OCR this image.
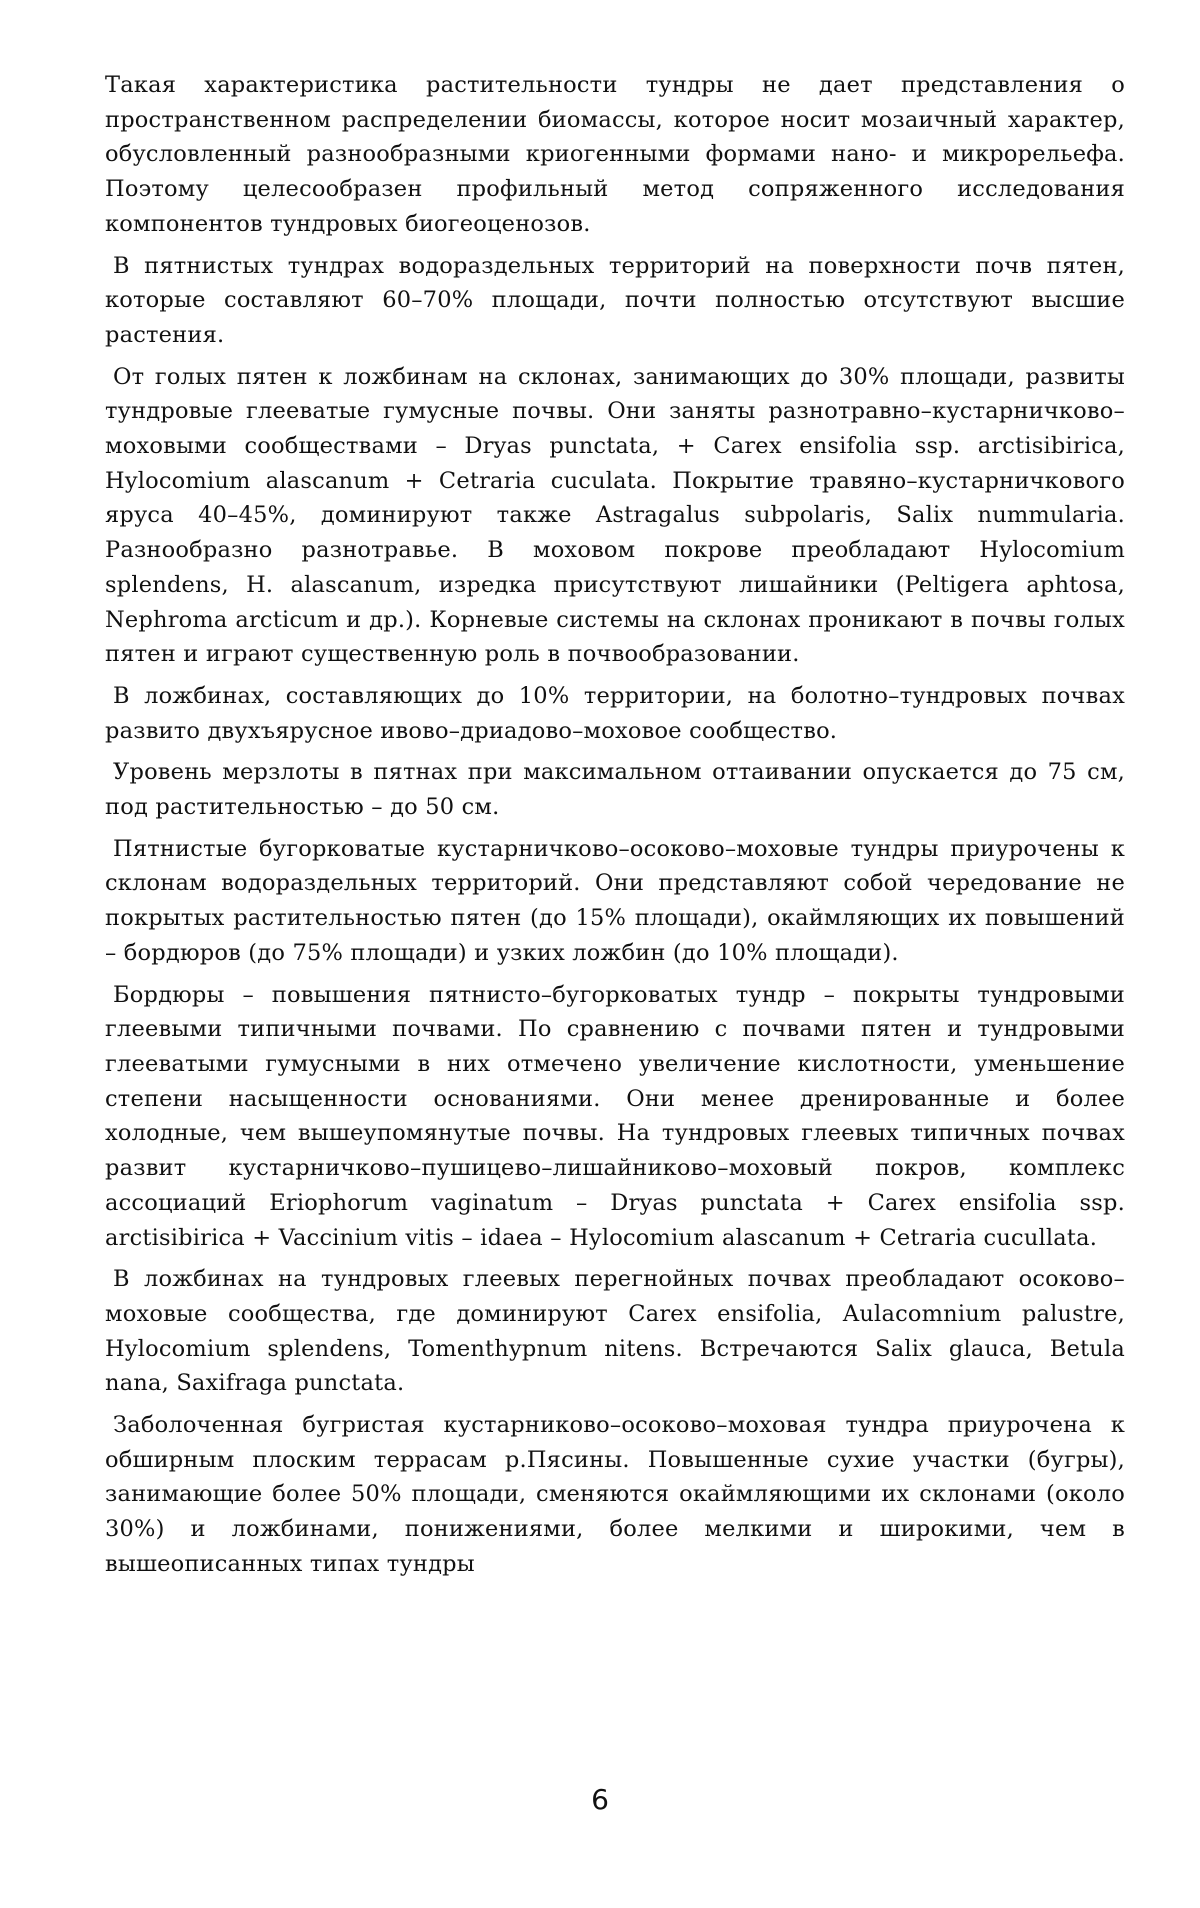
Такая характеристика растительности тундры не дает представления о пространственном распределении биомассы, которое носит мозаичный характер, обусловленный разнообразными криогенными формами нано- и микрорельефа. Поэтому целесообразен профильный метод сопряженного исследования компонентов тундровых биогеоценозов.

В пятнистых тундрах водораздельных территорий на поверхности почв пятен, которые составляют 60–70% площади, почти полностью отсутствуют высшие растения.

От голых пятен к ложбинам на склонах, занимающих до 30% площади, развиты тундровые глееватые гумусные почвы. Они заняты разнотравно–кустарничково–моховыми сообществами – Dryas punctata, + Carex ensifolia ssp. arctisibirica, Hylocomium alascanum + Cetraria cuculata. Покрытие травяно–кустарничкового яруса 40–45%, доминируют также Astragalus subpolaris, Salix nummularia. Разнообразно разнотравье. В моховом покрове преобладают Hylocomium splendens, H. alascanum, изредка присутствуют лишайники (Peltigera aphtosa, Nephroma arcticum и др.). Корневые системы на склонах проникают в почвы голых пятен и играют существенную роль в почвообразовании.

В ложбинах, составляющих до 10% территории, на болотно–тундровых почвах развито двухъярусное ивово–дриадово–моховое сообщество.

Уровень мерзлоты в пятнах при максимальном оттаивании опускается до 75 см, под растительностью – до 50 см.

Пятнистые бугорковатые кустарничково–осоково–моховые тундры приурочены к склонам водораздельных территорий. Они представляют собой чередование не покрытых растительностью пятен (до 15% площади), окаймляющих их повышений – бордюров (до 75% площади) и узких ложбин (до 10% площади).

Бордюры – повышения пятнисто–бугорковатых тундр – покрыты тундровыми глеевыми типичными почвами. По сравнению с почвами пятен и тундровыми глееватыми гумусными в них отмечено увеличение кислотности, уменьшение степени насыщенности основаниями. Они менее дренированные и более холодные, чем вышеупомянутые почвы. На тундровых глеевых типичных почвах развит кустарничково–пушицево–лишайниково–моховый покров, комплекс ассоциаций Eriophorum vaginatum – Dryas punctata + Carex ensifolia ssp. arctisibirica + Vaccinium vitis – idaea – Hylocomium alascanum + Cetraria cucullata.

В ложбинах на тундровых глеевых перегнойных почвах преобладают осоково–моховые сообщества, где доминируют Carex ensifolia, Aulacomnium palustre, Hylocomium splendens, Tomenthypnum nitens. Встречаются Salix glauca, Betula nana, Saxifraga punctata.

Заболоченная бугристая кустарниково–осоково–моховая тундра приурочена к обширным плоским террасам р.Пясины. Повышенные сухие участки (бугры), занимающие более 50% площади, сменяются окаймляющими их склонами (около 30%) и ложбинами, понижениями, более мелкими и широкими, чем в вышеописанных типах тундры

6
